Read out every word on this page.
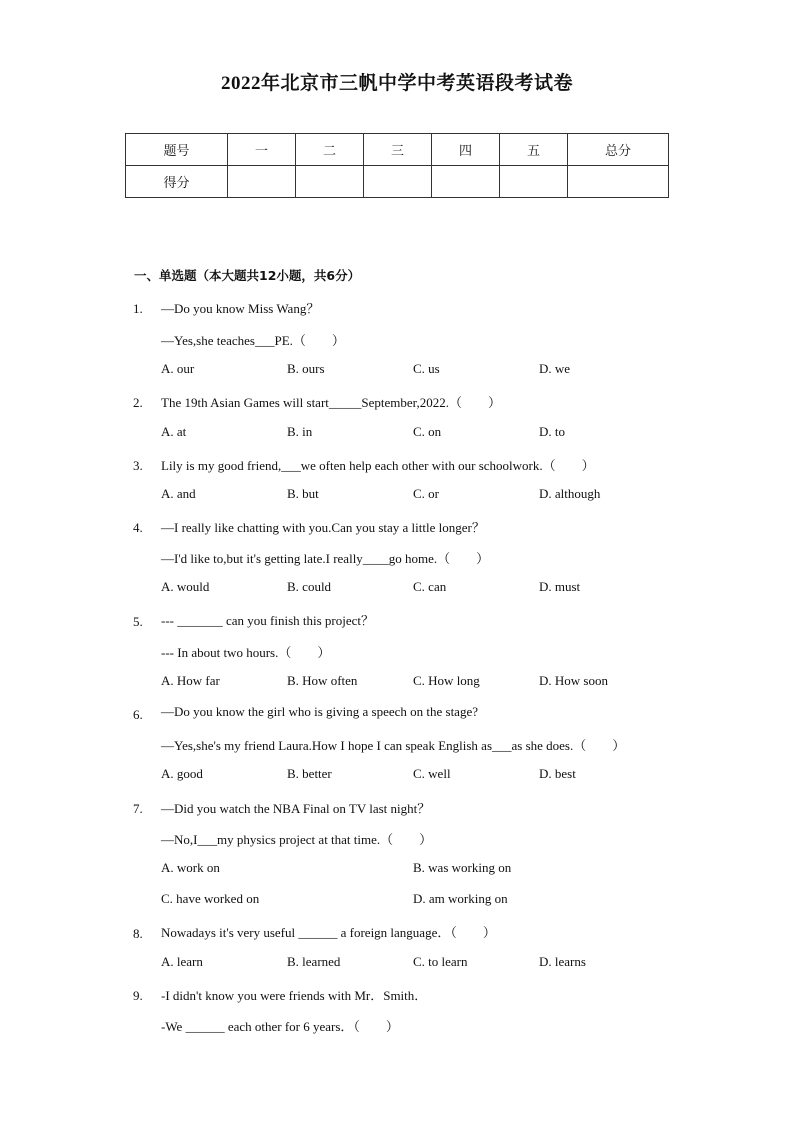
2022年北京市三帆中学中考英语段考试卷
题号	一	二	三	四	五	总分
得分						
一、单选题（本大题共12小题，共6分）
1. —Do you know Miss Wang？
—Yes,she teaches___PE.（　　）
A. our	B. ours	C. us	D. we
2. The 19th Asian Games will start_____September,2022.（　　）
A. at	B. in	C. on	D. to
3. Lily is my good friend,___we often help each other with our schoolwork.（　　）
A. and	B. but	C. or	D. although
4. —I really like chatting with you.Can you stay a little longer？
—I'd like to,but it's getting late.I really____go home.（　　）
A. would	B. could	C. can	D. must
5. --- _______ can you finish this project？
--- In about two hours.（　　）
A. How far	B. How often	C. How long	D. How soon
6. —Do you know the girl who is giving a speech on the stage?
—Yes,she's my friend Laura.How I hope I can speak English as___as she does.（　　）
A. good	B. better	C. well	D. best
7. —Did you watch the NBA Final on TV last night？
—No,I___my physics project at that time.（　　）
A. work on	B. was working on
C. have worked on	D. am working on
8. Nowadays it's very useful ______ a foreign language．（　　）
A. learn	B. learned	C. to learn	D. learns
9. -I didn't know you were friends with Mr．Smith．
-We ______ each other for 6 years．（　　）
